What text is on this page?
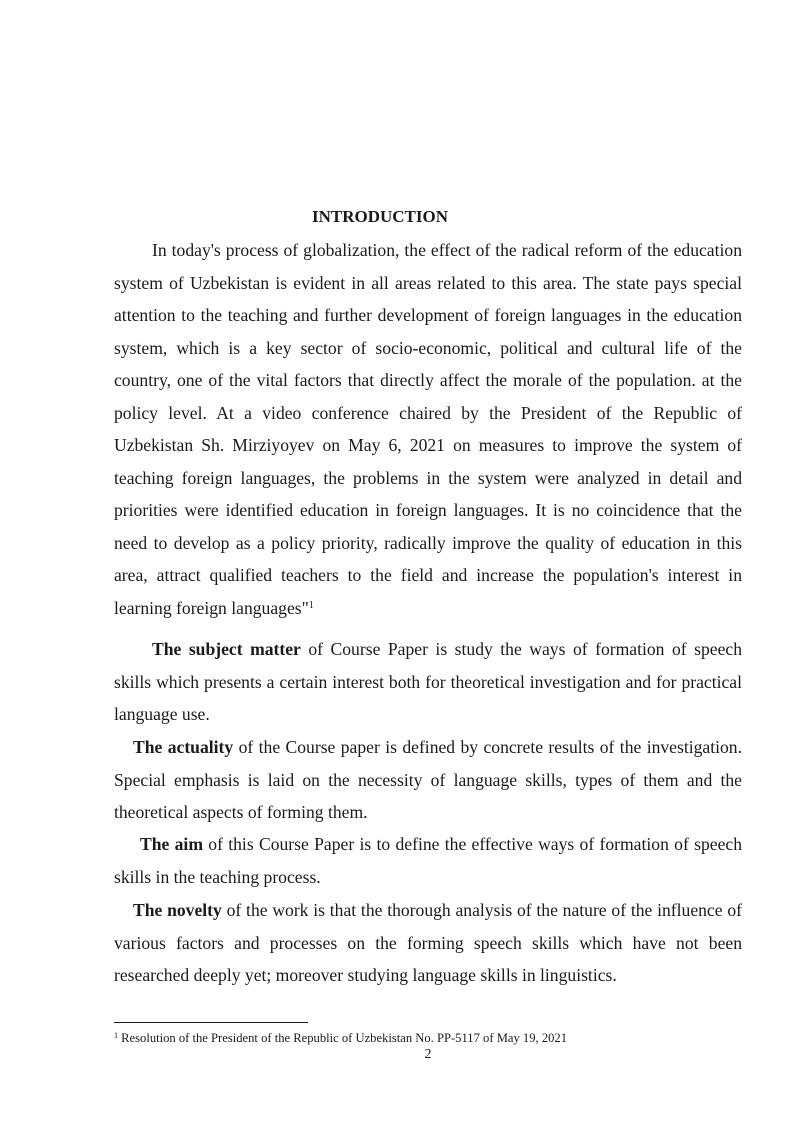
INTRODUCTION

In today's process of globalization, the effect of the radical reform of the education system of Uzbekistan is evident in all areas related to this area. The state pays special attention to the teaching and further development of foreign languages in the education system, which is a key sector of socio-economic, political and cultural life of the country, one of the vital factors that directly affect the morale of the population. at the policy level. At a video conference chaired by the President of the Republic of Uzbekistan Sh. Mirziyoyev on May 6, 2021 on measures to improve the system of teaching foreign languages, the problems in the system were analyzed in detail and priorities were identified education in foreign languages. It is no coincidence that the need to develop as a policy priority, radically improve the quality of education in this area, attract qualified teachers to the field and increase the population's interest in learning foreign languages"$^1$

The subject matter of Course Paper is study the ways of formation of speech skills which presents a certain interest both for theoretical investigation and for practical language use.

The actuality of the Course paper is defined by concrete results of the investigation. Special emphasis is laid on the necessity of language skills, types of them and the theoretical aspects of forming them.

The aim of this Course Paper is to define the effective ways of formation of speech skills in the teaching process.

The novelty of the work is that the thorough analysis of the nature of the influence of various factors and processes on the forming speech skills which have not been researched deeply yet; moreover studying language skills in linguistics.

$^1$ Resolution of the President of the Republic of Uzbekistan No. PP-5117 of May 19, 2021
2
